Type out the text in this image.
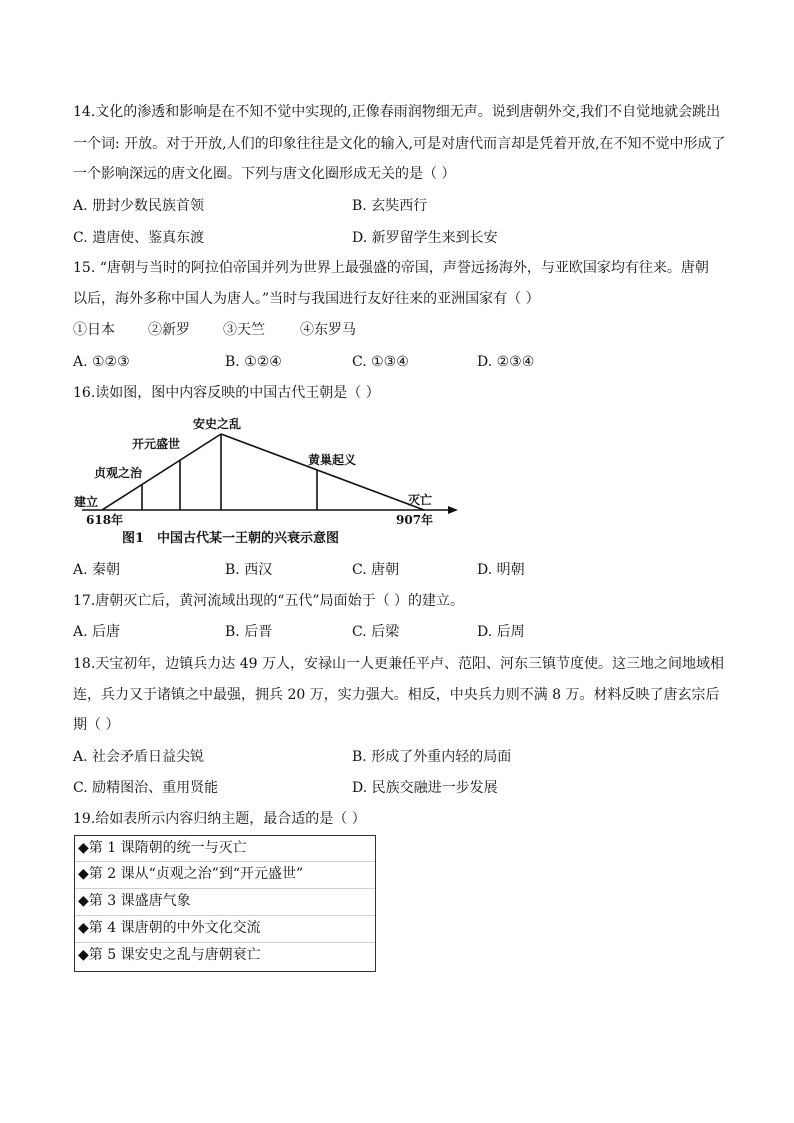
14.文化的渗透和影响是在不知不觉中实现的,正像春雨润物细无声。说到唐朝外交,我们不自觉地就会跳出
一个词: 开放。对于开放,人们的印象往往是文化的输入,可是对唐代而言却是凭着开放,在不知不觉中形成了
一个影响深远的唐文化圈。下列与唐文化圈形成无关的是（ ）
A. 册封少数民族首领	B. 玄奘西行
C. 遣唐使、鉴真东渡	D. 新罗留学生来到长安
15. “唐朝与当时的阿拉伯帝国并列为世界上最强盛的帝国，声誉远扬海外，与亚欧国家均有往来。唐朝
以后，海外多称中国人为唐人。”当时与我国进行友好往来的亚洲国家有（ ）
①日本 ②新罗 ③天竺	④东罗马
A. ①②③	B. ①②④	C. ①③④	D. ②③④
16.读如图，图中内容反映的中国古代王朝是（ ）
建立
贞观之治
开元盛世
安史之乱
黄巢起义
灭亡
618年	907年
图1　中国古代某一王朝的兴衰示意图
A. 秦朝	B. 西汉	C. 唐朝	D. 明朝
17.唐朝灭亡后，黄河流域出现的“五代”局面始于（ ）的建立。
A. 后唐	B. 后晋	C. 后梁	D. 后周
18.天宝初年，边镇兵力达 49 万人，安禄山一人更兼任平卢、范阳、河东三镇节度使。这三地之间地域相
连，兵力又于诸镇之中最强，拥兵 20 万，实力强大。相反，中央兵力则不满 8 万。材料反映了唐玄宗后
期（ ）
A. 社会矛盾日益尖锐	B. 形成了外重内轻的局面
C. 励精图治、重用贤能	D. 民族交融进一步发展
19.给如表所示内容归纳主题，最合适的是（ ）
◆第 1 课隋朝的统一与灭亡
◆第 2 课从“贞观之治”到“开元盛世”
◆第 3 课盛唐气象
◆第 4 课唐朝的中外文化交流
◆第 5 课安史之乱与唐朝衰亡
